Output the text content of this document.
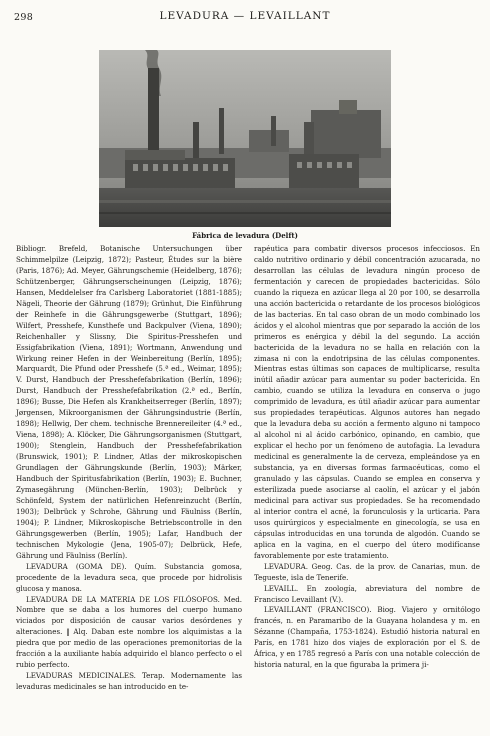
298	LEVADURA — LEVAILLANT
Fábrica de levadura (Delft)

Bibliogr. Brefeld, Botanische Untersuchungen über Schimmelpilze (Leipzig, 1872); Pasteur, Études sur la bière (Paris, 1876); Ad. Meyer, Gährungschemie (Heidelberg, 1876); Schützenberger, Gährungserscheinungen (Leipzig, 1876); Hansen, Meddelelser fra Carlsberg Laboratoriet (1881-1885); Nägeli, Theorie der Gährung (1879); Grünhut, Die Einführung der Reinhefe in die Gährungsgewerbe (Stuttgart, 1896); Wilfert, Presshefe, Kunsthefe und Backpulver (Viena, 1890); Reichenhaller y Slissny, Die Spiritus-Presshefen und Essigfabrikation (Viena, 1891); Wortmann, Anwendung und Wirkung reiner Hefen in der Weinbereitung (Berlín, 1895); Marquardt, Die Pfund oder Presshefe (5.ª ed., Weimar, 1895); V. Durst, Handbuch der Presshefefabrikation (Berlín, 1896); Durst, Handbuch der Presshefefabrikation (2.ª ed., Berlín, 1896); Busse, Die Hefen als Krankheitserreger (Berlín, 1897); Jørgensen, Mikroorganismen der Gährungsindustrie (Berlín, 1898); Hellwig, Der chem. technische Brennereileiter (4.ª ed., Viena, 1898); A. Klöcker, Die Gährungsorganismen (Stuttgart, 1900); Stenglein, Handbuch der Presshefefabrikation (Brunswick, 1901); P. Lindner, Atlas der mikroskopischen Grundlagen der Gährungskunde (Berlín, 1903); Märker, Handbuch der Spiritusfabrikation (Berlín, 1903); E. Buchner, Zymasegährung (München-Berlín, 1903); Delbrück y Schönfeld, System der natürlichen Hefenreinzucht (Berlín, 1903); Delbrück y Schrohe, Gährung und Fäulniss (Berlín, 1904); P. Lindner, Mikroskopische Betriebscontrolle in den Gährungsgewerben (Berlín, 1905); Lafar, Handbuch der technischen Mykologie (Jena, 1905-07); Delbrück, Hefe, Gährung und Fäulniss (Berlín).

LEVADURA (GOMA DE). Quím. Substancia gomosa, procedente de la levadura seca, que procede por hidrolisis glucosa y manosa.

LEVADURA DE LA MATERIA DE LOS FILÓSOFOS. Med. Nombre que se daba a los humores del cuerpo humano viciados por disposición de causar varios desórdenes y alteraciones. ‖ Alq. Daban este nombre los alquimistas a la piedra que por medio de las operaciones premonitorias de la fracción a la auxiliante había adquirido el blanco perfecto o el rubio perfecto.

LEVADURAS MEDICINALES. Terap. Modernamente las levaduras medicinales se han introducido en te-

rapéutica para combatir diversos procesos infecciosos. En caldo nutritivo ordinario y débil concentración azucarada, no desarrollan las células de levadura ningún proceso de fermentación y carecen de propiedades bactericidas. Sólo cuando la riqueza en azúcar llega al 20 por 100, se desarrolla una acción bactericida o retardante de los procesos biológicos de las bacterias. En tal caso obran de un modo combinado los ácidos y el alcohol mientras que por separado la acción de los primeros es enérgica y débil la del segundo. La acción bactericida de la levadura no se halla en relación con la zimasa ni con la endotripsina de las células componentes. Mientras estas últimas son capaces de multiplicarse, resulta inútil añadir azúcar para aumentar su poder bactericida. En cambio, cuando se utiliza la levadura en conserva o jugo comprimido de levadura, es útil añadir azúcar para aumentar sus propiedades terapéuticas. Algunos autores han negado que la levadura deba su acción a fermento alguno ni tampoco al alcohol ni al ácido carbónico, opinando, en cambio, que explicar el hecho por un fenómeno de autofagia. La levadura medicinal es generalmente la de cerveza, empleándose ya en substancia, ya en diversas formas farmacéuticas, como el granulado y las cápsulas. Cuando se emplea en conserva y esterilizada puede asociarse al caolín, el azúcar y el jabón medicinal para activar sus propiedades. Se ha recomendado al interior contra el acné, la forunculosis y la urticaria. Para usos quirúrgicos y especialmente en ginecología, se usa en cápsulas introducidas en una torunda de algodón. Cuando se aplica en la vagina, en el cuerpo del útero modifícanse favorablemente por este tratamiento.

LEVADURA. Geog. Cas. de la prov. de Canarias, mun. de Tegueste, isla de Tenerife.

LEVAILL. En zoología, abreviatura del nombre de Francisco Levaillant (V.).

LEVAILLANT (FRANCISCO). Biog. Viajero y ornitólogo francés, n. en Paramaribo de la Guayana holandesa y m. en Sézanne (Champaña, 1753-1824). Estudió historia natural en París, en 1781 hizo dos viajes de exploración por el S. de África, y en 1785 regresó a París con una notable colección de historia natural, en la que figuraba la primera ji-
